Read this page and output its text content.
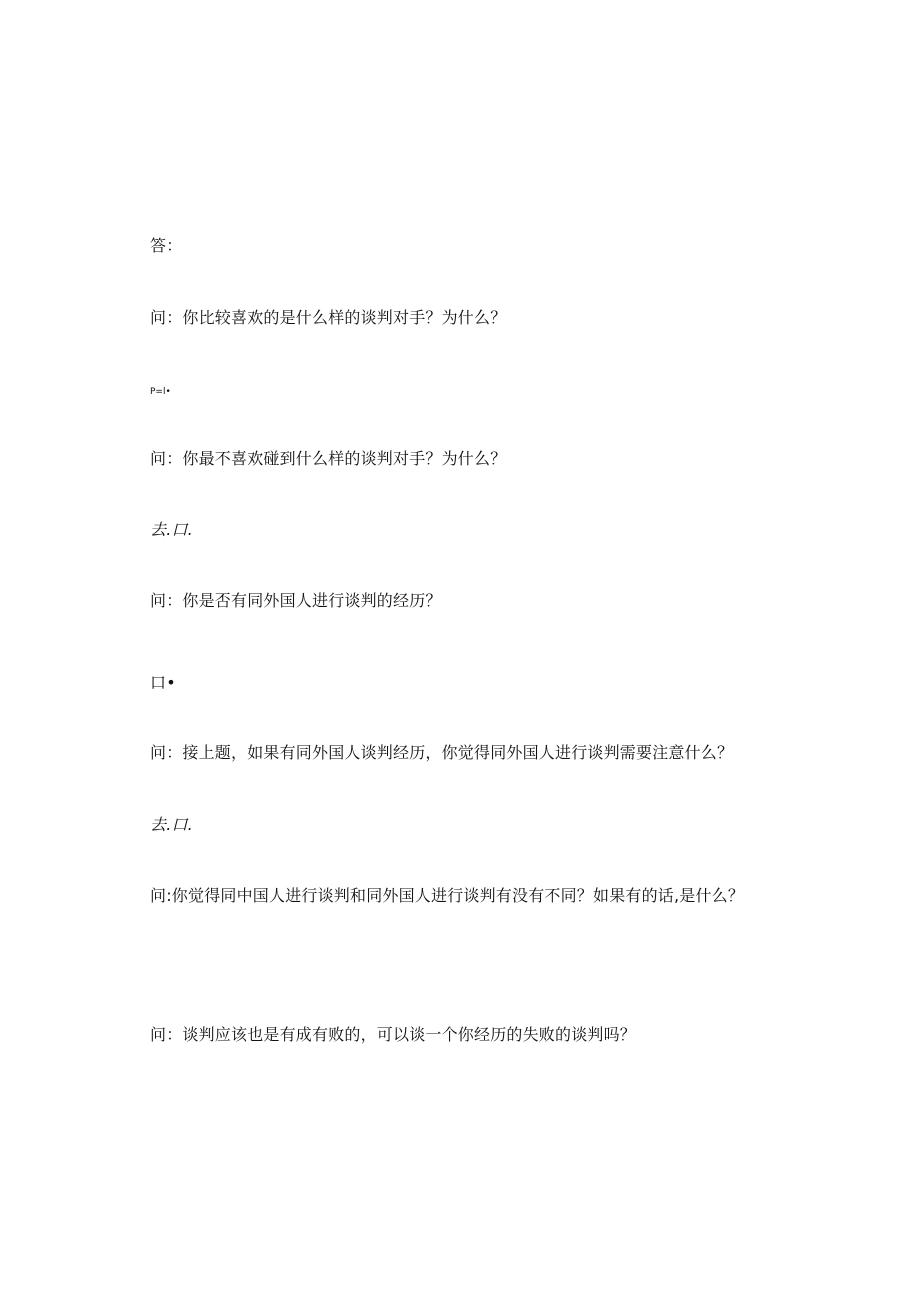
答：
问：你比较喜欢的是什么样的谈判对手？为什么？
P=l•
问：你最不喜欢碰到什么样的谈判对手？为什么？
去.口.
问：你是否有同外国人进行谈判的经历？
口•
问：接上题，如果有同外国人谈判经历，你觉得同外国人进行谈判需要注意什么？
去.口.
问:你觉得同中国人进行谈判和同外国人进行谈判有没有不同？如果有的话,是什么？
问：谈判应该也是有成有败的，可以谈一个你经历的失败的谈判吗？
